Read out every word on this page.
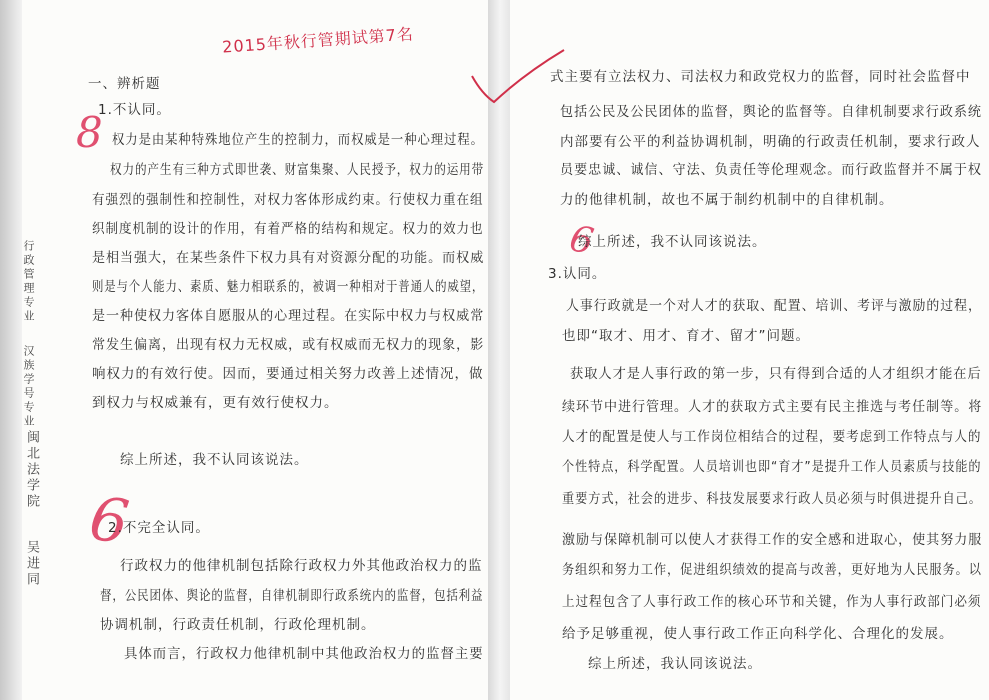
2015年秋行管期试第7名
8
6
6
行政管理专业
汉族学号专业
闽北法学院
吴进同
一、辨析题
1.不认同。
权力是由某种特殊地位产生的控制力，而权威是一种心理过程。
权力的产生有三种方式即世袭、财富集聚、人民授予，权力的运用带
有强烈的强制性和控制性，对权力客体形成约束。行使权力重在组
织制度机制的设计的作用，有着严格的结构和规定。权力的效力也
是相当强大，在某些条件下权力具有对资源分配的功能。而权威
则是与个人能力、素质、魅力相联系的，被调一种相对于普通人的威望，
是一种使权力客体自愿服从的心理过程。在实际中权力与权威常
常发生偏离，出现有权力无权威，或有权威而无权力的现象，影
响权力的有效行使。因而，要通过相关努力改善上述情况，做
到权力与权威兼有，更有效行使权力。
综上所述，我不认同该说法。
2.不完全认同。
行政权力的他律机制包括除行政权力外其他政治权力的监
督，公民团体、舆论的监督，自律机制即行政系统内的监督，包括利益
协调机制，行政责任机制，行政伦理机制。
具体而言，行政权力他律机制中其他政治权力的监督主要
式主要有立法权力、司法权力和政党权力的监督，同时社会监督中
包括公民及公民团体的监督，舆论的监督等。自律机制要求行政系统
内部要有公平的利益协调机制，明确的行政责任机制，要求行政人
员要忠诚、诚信、守法、负责任等伦理观念。而行政监督并不属于权
力的他律机制，故也不属于制约机制中的自律机制。
综上所述，我不认同该说法。
3.认同。
人事行政就是一个对人才的获取、配置、培训、考评与激励的过程，
也即“取才、用才、育才、留才”问题。
获取人才是人事行政的第一步，只有得到合适的人才组织才能在后
续环节中进行管理。人才的获取方式主要有民主推选与考任制等。将
人才的配置是使人与工作岗位相结合的过程，要考虑到工作特点与人的
个性特点，科学配置。人员培训也即“育才”是提升工作人员素质与技能的
重要方式，社会的进步、科技发展要求行政人员必须与时俱进提升自己。
激励与保障机制可以使人才获得工作的安全感和进取心，使其努力服
务组织和努力工作，促进组织绩效的提高与改善，更好地为人民服务。以
上过程包含了人事行政工作的核心环节和关键，作为人事行政部门必须
给予足够重视，使人事行政工作正向科学化、合理化的发展。
综上所述，我认同该说法。
